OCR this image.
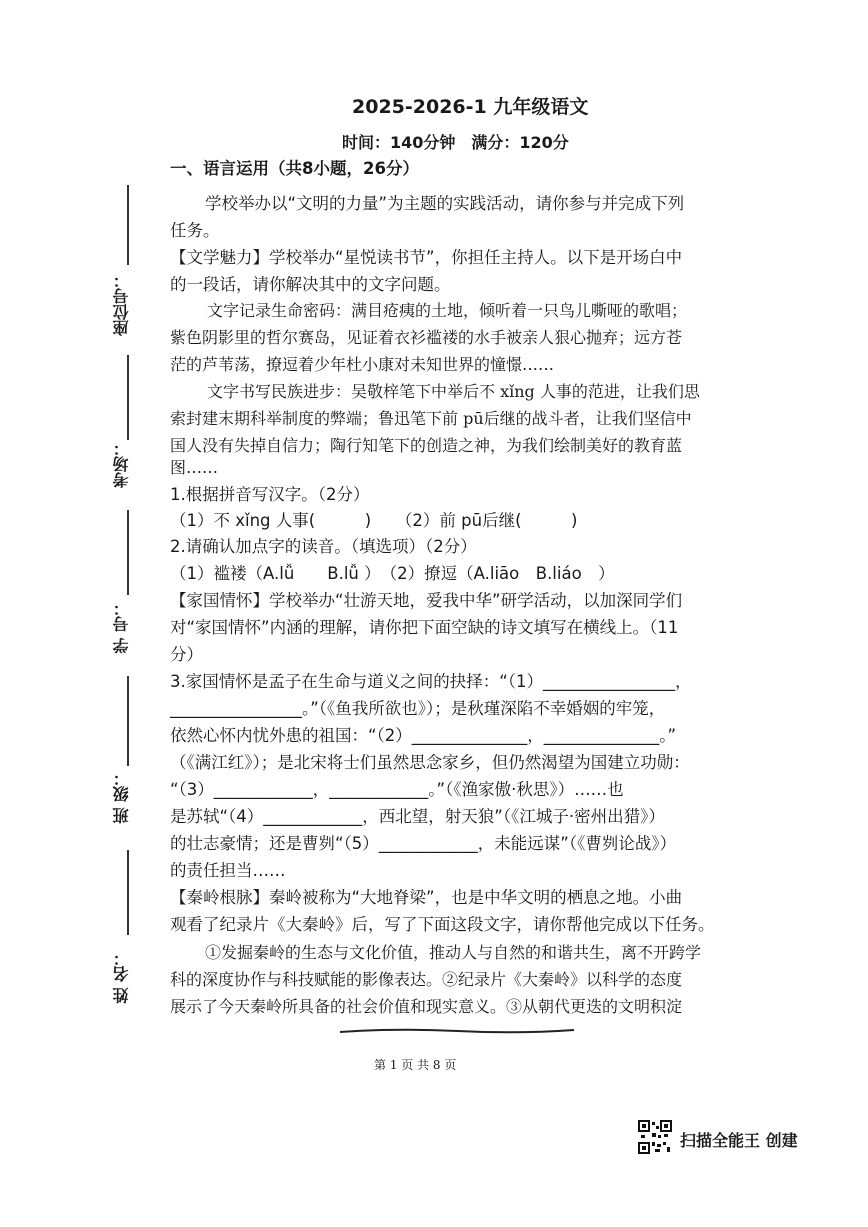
2025-2026-1 九年级语文
时间：140分钟　满分：120分
座位号：
考场：
学 号：
班 级：
姓 名：
一、语言运用（共8小题，26分）
学校举办以“文明的力量”为主题的实践活动，请你参与并完成下列
任务。
【文学魅力】学校举办“星悦读书节”，你担任主持人。以下是开场白中
的一段话，请你解决其中的文字问题。
文字记录生命密码：满目疮痍的土地，倾听着一只鸟儿嘶哑的歌唱；
紫色阴影里的哲尔赛岛，见证着衣衫褴褛的水手被亲人狠心抛弃；远方苍
茫的芦苇荡，撩逗着少年杜小康对未知世界的憧憬……
文字书写民族进步：吴敬梓笔下中举后不 xǐng 人事的范进，让我们思
索封建末期科举制度的弊端；鲁迅笔下前 pū后继的战斗者，让我们坚信中
国人没有失掉自信力；陶行知笔下的创造之神，为我们绘制美好的教育蓝
图……
1.根据拼音写汉字。（2分）
（1）不 xǐng 人事(　　　)　　（2）前 pū后继(　　　)
2.请确认加点字的读音。（填选项）（2分）
（1）褴褛（A.lǚ　　B.lǚ ）　（2）撩逗（A.liāo　B.liáo　）
【家国情怀】学校举办“壮游天地，爱我中华”研学活动，以加深同学们
对“家国情怀”内涵的理解，请你把下面空缺的诗文填写在横线上。（11
分）
3.家国情怀是孟子在生命与道义之间的抉择：“（1）________________，
________________。”（《鱼我所欲也》）；是秋瑾深陷不幸婚姻的牢笼，
依然心怀内忧外患的祖国：“（2）______________，______________。”
（《满江红》）；是北宋将士们虽然思念家乡，但仍然渴望为国建立功勋：
“（3）____________，____________。”（《渔家傲·秋思》）……也
是苏轼“（4）____________，西北望，射天狼”（《江城子·密州出猎》）
的壮志豪情；还是曹刿“（5）____________，未能远谋”（《曹刿论战》）
的责任担当……
【秦岭根脉】秦岭被称为“大地脊梁”，也是中华文明的栖息之地。小曲
观看了纪录片《大秦岭》后，写了下面这段文字，请你帮他完成以下任务。
①发掘秦岭的生态与文化价值，推动人与自然的和谐共生，离不开跨学
科的深度协作与科技赋能的影像表达。②纪录片《大秦岭》以科学的态度
展示了今天秦岭所具备的社会价值和现实意义。③从朝代更迭的文明积淀
第 1 页 共 8 页
扫描全能王 创建
